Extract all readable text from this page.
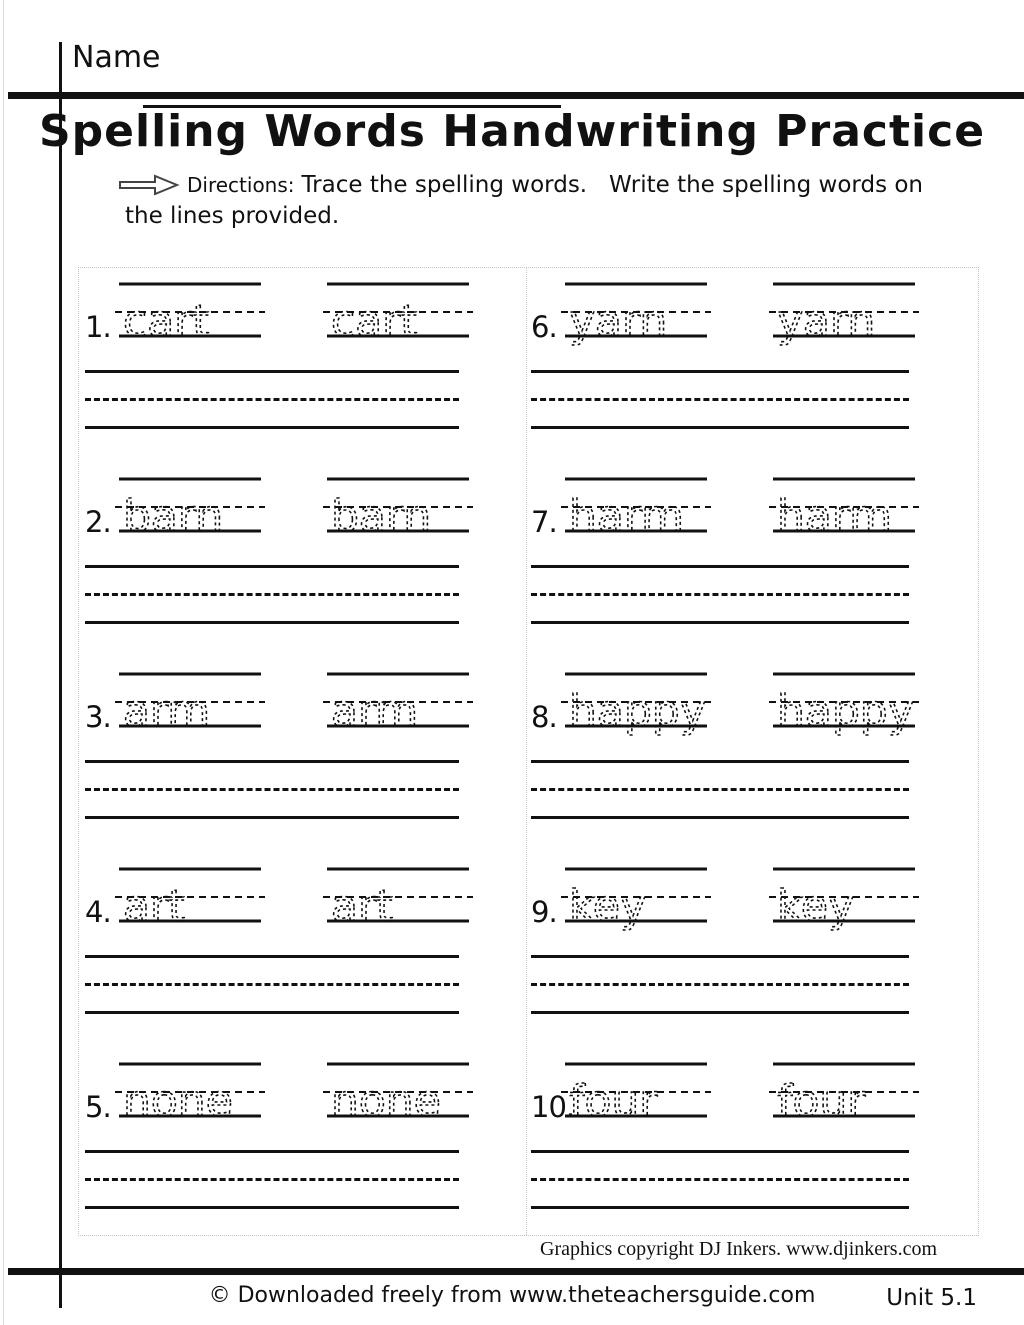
Name
Spelling Words Handwriting Practice
Directions: Trace the spelling words.   Write the spelling words on
the lines provided.
1. cart	cart
2. barn barn
3. arm	arm
4. art	art
5. none none
6. yarn yarn
7. harm harm
8. happy happy
9. key	key
10.
four	four
Graphics copyright DJ Inkers. www.djinkers.com
© Downloaded freely from www.theteachersguide.com	Unit 5.1
